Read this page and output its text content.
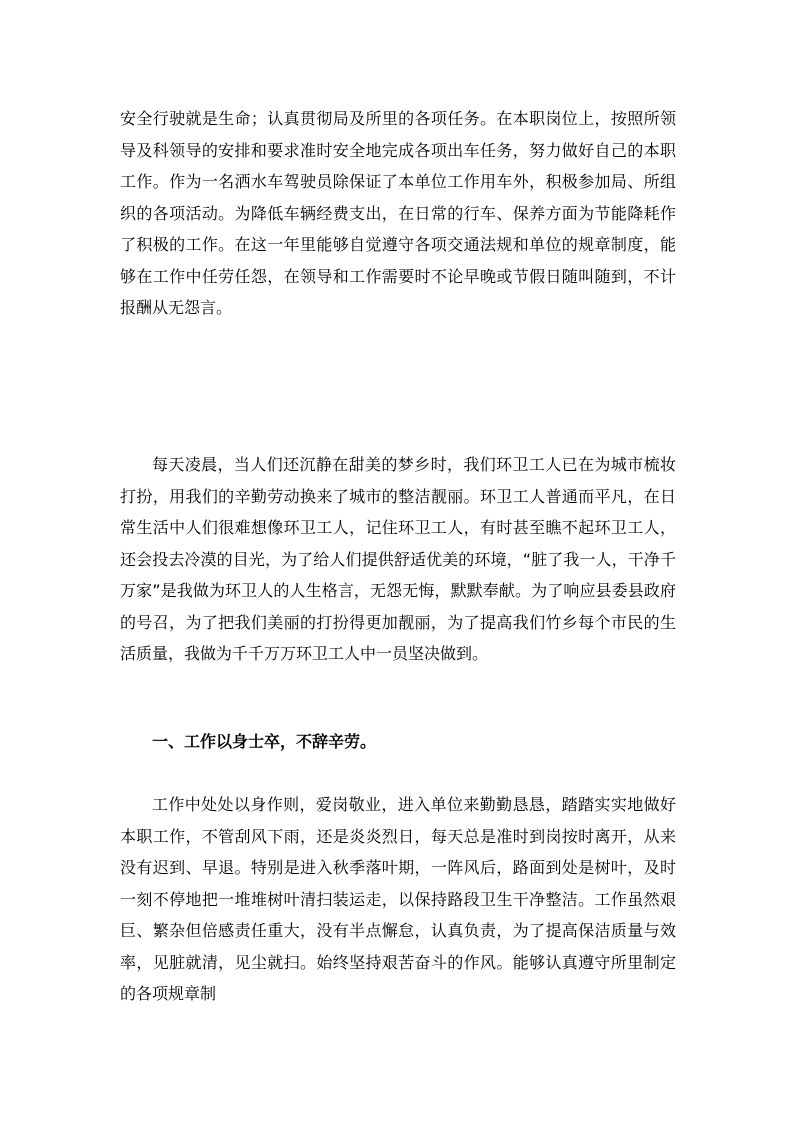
安全行驶就是生命；认真贯彻局及所里的各项任务。在本职岗位上，按照所领导及科领导的安排和要求准时安全地完成各项出车任务，努力做好自己的本职工作。作为一名洒水车驾驶员除保证了本单位工作用车外，积极参加局、所组织的各项活动。为降低车辆经费支出，在日常的行车、保养方面为节能降耗作了积极的工作。在这一年里能够自觉遵守各项交通法规和单位的规章制度，能够在工作中任劳任怨，在领导和工作需要时不论早晚或节假日随叫随到，不计报酬从无怨言。

每天凌晨，当人们还沉静在甜美的梦乡时，我们环卫工人已在为城市梳妆打扮，用我们的辛勤劳动换来了城市的整洁靓丽。环卫工人普通而平凡，在日常生活中人们很难想像环卫工人，记住环卫工人，有时甚至瞧不起环卫工人，还会投去冷漠的目光，为了给人们提供舒适优美的环境，“脏了我一人，干净千万家”是我做为环卫人的人生格言，无怨无悔，默默奉献。为了响应县委县政府的号召，为了把我们美丽的打扮得更加靓丽，为了提高我们竹乡每个市民的生活质量，我做为千千万万环卫工人中一员坚决做到。

一、工作以身士卒，不辞辛劳。

工作中处处以身作则，爱岗敬业，进入单位来勤勤恳恳，踏踏实实地做好本职工作，不管刮风下雨，还是炎炎烈日，每天总是准时到岗按时离开，从来没有迟到、早退。特别是进入秋季落叶期，一阵风后，路面到处是树叶，及时一刻不停地把一堆堆树叶清扫装运走，以保持路段卫生干净整洁。工作虽然艰巨、繁杂但倍感责任重大，没有半点懈怠，认真负责，为了提高保洁质量与效率，见脏就清，见尘就扫。始终坚持艰苦奋斗的作风。能够认真遵守所里制定的各项规章制
